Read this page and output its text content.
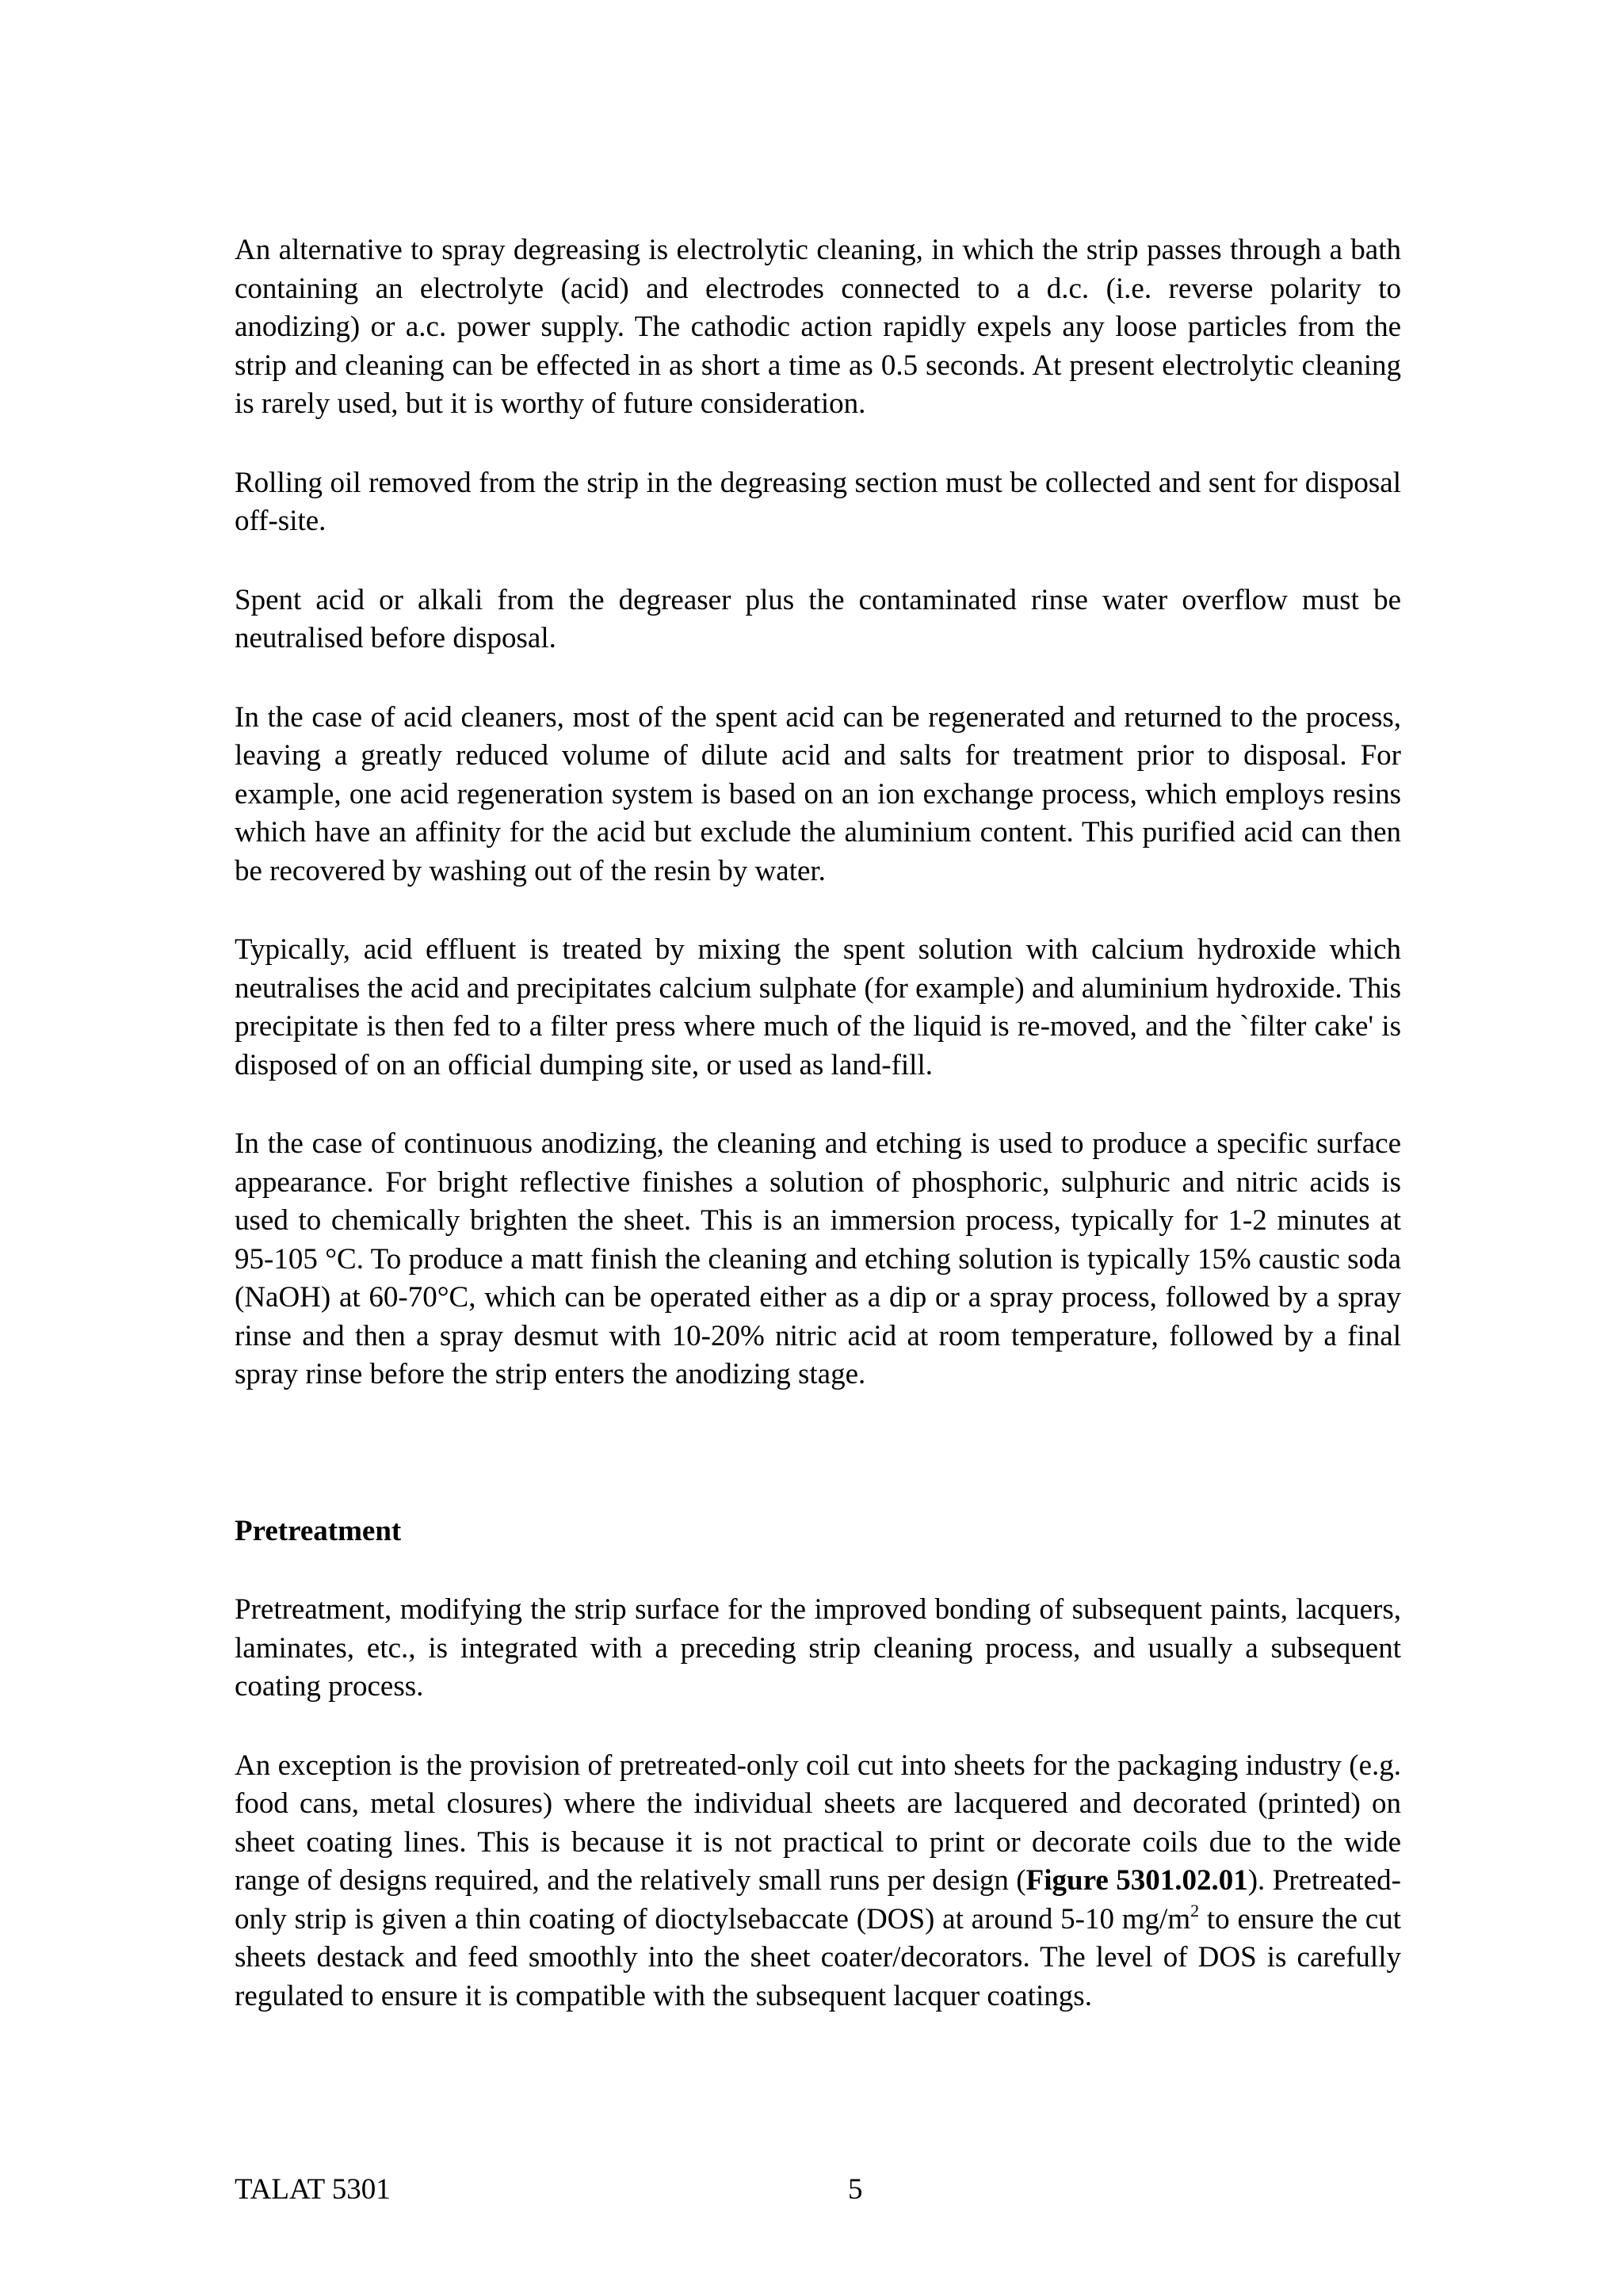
An alternative to spray degreasing is electrolytic cleaning, in which the strip passes through a bath containing an electrolyte (acid) and electrodes connected to a d.c. (i.e. reverse polarity to anodizing) or a.c. power supply. The cathodic action rapidly expels any loose particles from the strip and cleaning can be effected in as short a time as 0.5 seconds. At present electrolytic cleaning is rarely used, but it is worthy of future consideration.

Rolling oil removed from the strip in the degreasing section must be collected and sent for disposal off-site.

Spent acid or alkali from the degreaser plus the contaminated rinse water overflow must be neutralised before disposal.

In the case of acid cleaners, most of the spent acid can be regenerated and returned to the process, leaving a greatly reduced volume of dilute acid and salts for treatment prior to disposal. For example, one acid regeneration system is based on an ion exchange process, which employs resins which have an affinity for the acid but exclude the aluminium content. This purified acid can then be recovered by washing out of the resin by water.

Typically, acid effluent is treated by mixing the spent solution with calcium hydroxide which neutralises the acid and precipitates calcium sulphate (for example) and aluminium hydroxide. This precipitate is then fed to a filter press where much of the liquid is re-moved, and the `filter cake' is disposed of on an official dumping site, or used as land-fill.

In the case of continuous anodizing, the cleaning and etching is used to produce a specific surface appearance. For bright reflective finishes a solution of phosphoric, sulphuric and nitric acids is used to chemically brighten the sheet. This is an immersion process, typically for 1-2 minutes at 95-105 °C. To produce a matt finish the cleaning and etching solution is typically 15% caustic soda (NaOH) at 60-70°C, which can be operated either as a dip or a spray process, followed by a spray rinse and then a spray desmut with 10-20% nitric acid at room temperature, followed by a final spray rinse before the strip enters the anodizing stage.

Pretreatment

Pretreatment, modifying the strip surface for the improved bonding of subsequent paints, lacquers, laminates, etc., is integrated with a preceding strip cleaning process, and usually a subsequent coating process.

An exception is the provision of pretreated-only coil cut into sheets for the packaging industry (e.g. food cans, metal closures) where the individual sheets are lacquered and decorated (printed) on sheet coating lines. This is because it is not practical to print or decorate coils due to the wide range of designs required, and the relatively small runs per design (Figure 5301.02.01). Pretreated-only strip is given a thin coating of dioctylsebaccate (DOS) at around 5-10 $mg/m^2$ to ensure the cut sheets destack and feed smoothly into the sheet coater/decorators. The level of DOS is carefully regulated to ensure it is compatible with the subsequent lacquer coatings.

TALAT 5301	5
